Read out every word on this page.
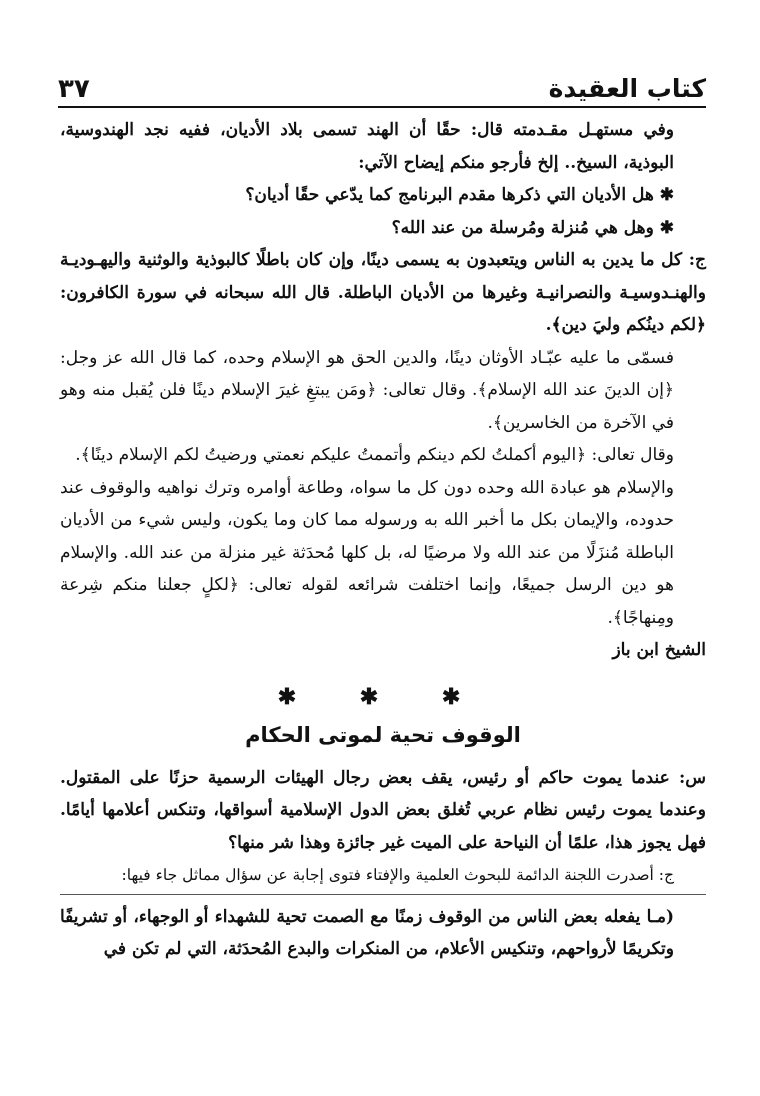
كتاب العقيدة
٣٧

وفي مستهـل مقـدمته قال: حقًا أن الهند تسمى بلاد الأديان، ففيه نجد الهندوسية، البوذية، السيخ.. إلخ فأرجو منكم إيضاح الآتي:

✱ هل الأديان التي ذكرها مقدم البرنامج كما يدّعي حقًا أديان؟

✱ وهل هي مُنزلة ومُرسلة من عند الله؟

ج: كل ما يدين به الناس ويتعبدون به يسمى دينًا، وإن كان باطلًا كالبوذية والوثنية واليهـوديـة والهنـدوسيـة والنصرانيـة وغيرها من الأديان الباطلة. قال الله سبحانه في سورة الكافرون: ﴿لكم دينُكم وليَ دين﴾.

فسمّى ما عليه عبّـاد الأوثان دينًا، والدين الحق هو الإسلام وحده، كما قال الله عز وجل: ﴿إن الدينَ عند الله الإسلام﴾. وقال تعالى: ﴿ومَن يبتغِ غيرَ الإسلام دينًا فلن يُقبل منه وهو في الآخرة من الخاسرين﴾.

وقال تعالى: ﴿اليوم أكملتُ لكم دينكم وأتممتُ عليكم نعمتي ورضيتُ لكم الإسلام دينًا﴾.

والإسلام هو عبادة الله وحده دون كل ما سواه، وطاعة أوامره وترك نواهيه والوقوف عند حدوده، والإيمان بكل ما أخبر الله به ورسوله مما كان وما يكون، وليس شيء من الأديان الباطلة مُنزَلًا من عند الله ولا مرضيًا له، بل كلها مُحدَثة غير منزلة من عند الله. والإسلام هو دين الرسل جميعًا، وإنما اختلفت شرائعه لقوله تعالى: ﴿لكلٍ جعلنا منكم شِرعة ومِنهاجًا﴾.

الشيخ ابن باز

✱ ✱ ✱
الوقوف تحية لموتى الحكام

س: عندما يموت حاكم أو رئيس، يقف بعض رجال الهيئات الرسمية حزنًا على المقتول. وعندما يموت رئيس نظام عربي تُغلق بعض الدول الإسلامية أسواقها، وتنكس أعلامها أيامًا. فهل يجوز هذا، علمًا أن النياحة على الميت غير جائزة وهذا شر منها؟

ج: أصدرت اللجنة الدائمة للبحوث العلمية والإفتاء فتوى إجابة عن سؤال مماثل جاء فيها:

(مـا يفعله بعض الناس من الوقوف زمنًا مع الصمت تحية للشهداء أو الوجهاء، أو تشريفًا وتكريمًا لأرواحهم، وتنكيس الأعلام، من المنكرات والبدع المُحدَثة، التي لم تكن في
